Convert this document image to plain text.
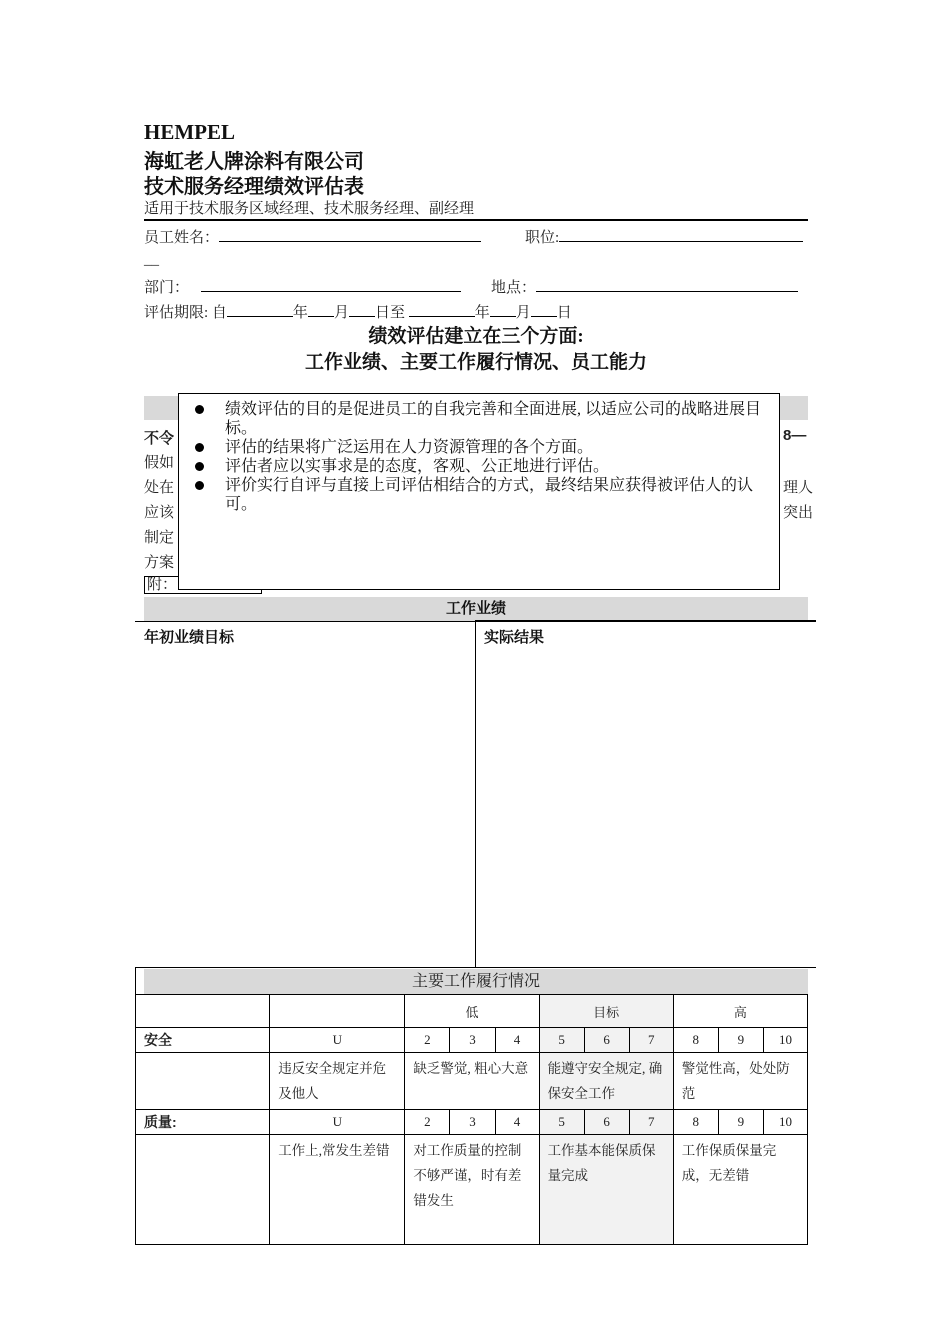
HEMPEL
海虹老人牌涂料有限公司
技术服务经理绩效评估表
适用于技术服务区域经理、技术服务经理、副经理
员工姓名：	职位:
__
部门：	地点：
评估期限: 自	年 月 日至	年 月 日
绩效评估建立在三个方面:
工作业绩、主要工作履行情况、员工能力
不令	8—
假如
处在	理人
应该	突出
制定
方案
附：
绩效评估的目的是促进员工的自我完善和全面进展, 以适应公司的战略进展目标。
评估的结果将广泛运用在人力资源管理的各个方面。
评估者应以实事求是的态度，客观、公正地进行评估。
评价实行自评与直接上司评估相结合的方式，最终结果应获得被评估人的认可。
工作业绩
年初业绩目标	实际结果
主要工作履行情况
		低			目标			高		
安全	U	2	3	4	5	6	7	8	9	10
	违反安全规定并危及他人	缺乏警觉, 粗心大意			能遵守安全规定, 确保安全工作			警觉性高，处处防范		
质量:	U	2	3	4	5	6	7	8	9	10
	工作上,常发生差错	对工作质量的控制不够严谨，时有差错发生			工作基本能保质保量完成			工作保质保量完成，无差错		
